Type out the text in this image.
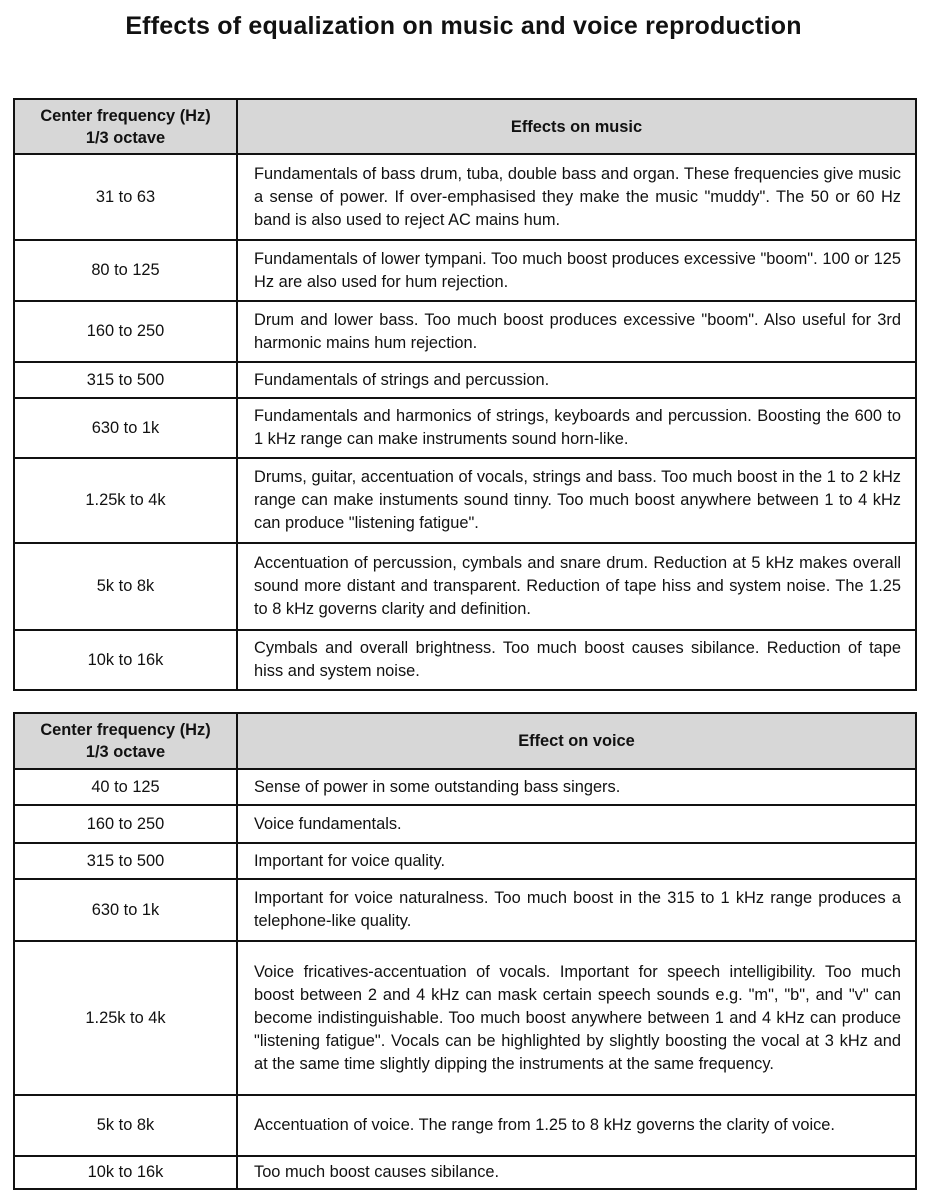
Effects of equalization on music and voice reproduction
Center frequency (Hz)
1/3 octave	Effects on music
31 to 63	Fundamentals of bass drum, tuba, double bass and organ. These frequencies give music a sense of power. If over-emphasised they make the music "muddy". The 50 or 60 Hz band is also used to reject AC mains hum.
80 to 125	Fundamentals of lower tympani. Too much boost produces excessive "boom". 100 or 125 Hz are also used for hum rejection.
160 to 250	Drum and lower bass. Too much boost produces excessive "boom". Also useful for 3rd harmonic mains hum rejection.
315 to 500	Fundamentals of strings and percussion.
630 to 1k	Fundamentals and harmonics of strings, keyboards and percussion. Boosting the 600 to 1 kHz range can make instruments sound horn-like.
1.25k to 4k	Drums, guitar, accentuation of vocals, strings and bass. Too much boost in the 1 to 2 kHz range can make instuments sound tinny. Too much boost anywhere between 1 to 4 kHz can produce "listening fatigue".
5k to 8k	Accentuation of percussion, cymbals and snare drum. Reduction at 5 kHz makes overall sound more distant and transparent. Reduction of tape hiss and system noise. The 1.25 to 8 kHz governs clarity and definition.
10k to 16k	Cymbals and overall brightness. Too much boost causes sibilance. Reduction of tape hiss and system noise.
Center frequency (Hz)
1/3 octave	Effect on voice
40 to 125	Sense of power in some outstanding bass singers.
160 to 250	Voice fundamentals.
315 to 500	Important for voice quality.
630 to 1k	Important for voice naturalness. Too much boost in the 315 to 1 kHz range produces a telephone-like quality.
1.25k to 4k	Voice fricatives-accentuation of vocals. Important for speech intelligibility. Too much boost between 2 and 4 kHz can mask certain speech sounds e.g. "m", "b", and "v" can become indistinguishable. Too much boost anywhere between 1 and 4 kHz can produce "listening fatigue". Vocals can be highlighted by slightly boosting the vocal at 3 kHz and at the same time slightly dipping the instruments at the same frequency.
5k to 8k	Accentuation of voice. The range from 1.25 to 8 kHz governs the clarity of voice.
10k to 16k	Too much boost causes sibilance.
